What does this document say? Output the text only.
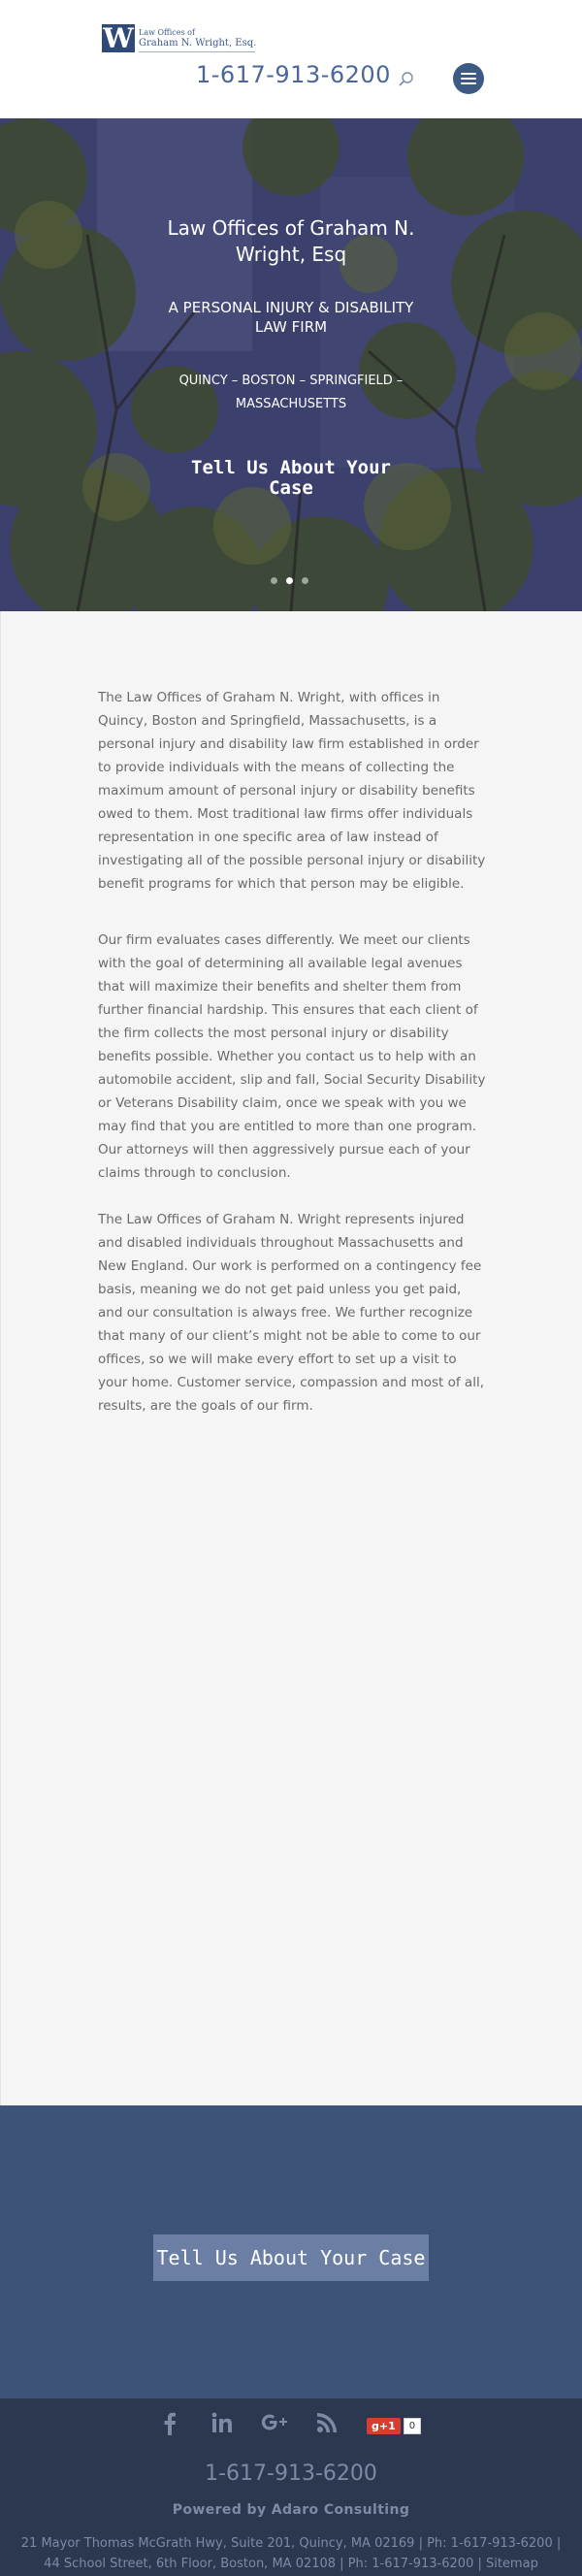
W Law Offices of
Graham N. Wright, Esq.
1-617-913-6200
Law Offices of Graham N. Wright, Esq
A PERSONAL INJURY & DISABILITY LAW FIRM
QUINCY – BOSTON – SPRINGFIELD – MASSACHUSETTS
Tell Us About Your Case
The Law Offices of Graham N. Wright, with offices in Quincy, Boston and Springfield, Massachusetts, is a personal injury and disability law firm established in order to provide individuals with the means of collecting the maximum amount of personal injury or disability benefits owed to them. Most traditional law firms offer individuals representation in one specific area of law instead of investigating all of the possible personal injury or disability benefit programs for which that person may be eligible.
Our firm evaluates cases differently. We meet our clients with the goal of determining all available legal avenues that will maximize their benefits and shelter them from further financial hardship. This ensures that each client of the firm collects the most personal injury or disability benefits possible. Whether you contact us to help with an automobile accident, slip and fall, Social Security Disability or Veterans Disability claim, once we speak with you we may find that you are entitled to more than one program. Our attorneys will then aggressively pursue each of your claims through to conclusion.
The Law Offices of Graham N. Wright represents injured and disabled individuals throughout Massachusetts and New England. Our work is performed on a contingency fee basis, meaning we do not get paid unless you get paid, and our consultation is always free. We further recognize that many of our client’s might not be able to come to our offices, so we will make every effort to set up a visit to your home. Customer service, compassion and most of all, results, are the goals of our firm.
Tell Us About Your Case
g+1	0
1-617-913-6200
Powered by Adaro Consulting
21 Mayor Thomas McGrath Hwy, Suite 201, Quincy, MA 02169 | Ph: 1-617-913-6200 |
44 School Street, 6th Floor, Boston, MA 02108 | Ph: 1-617-913-6200 | Sitemap
